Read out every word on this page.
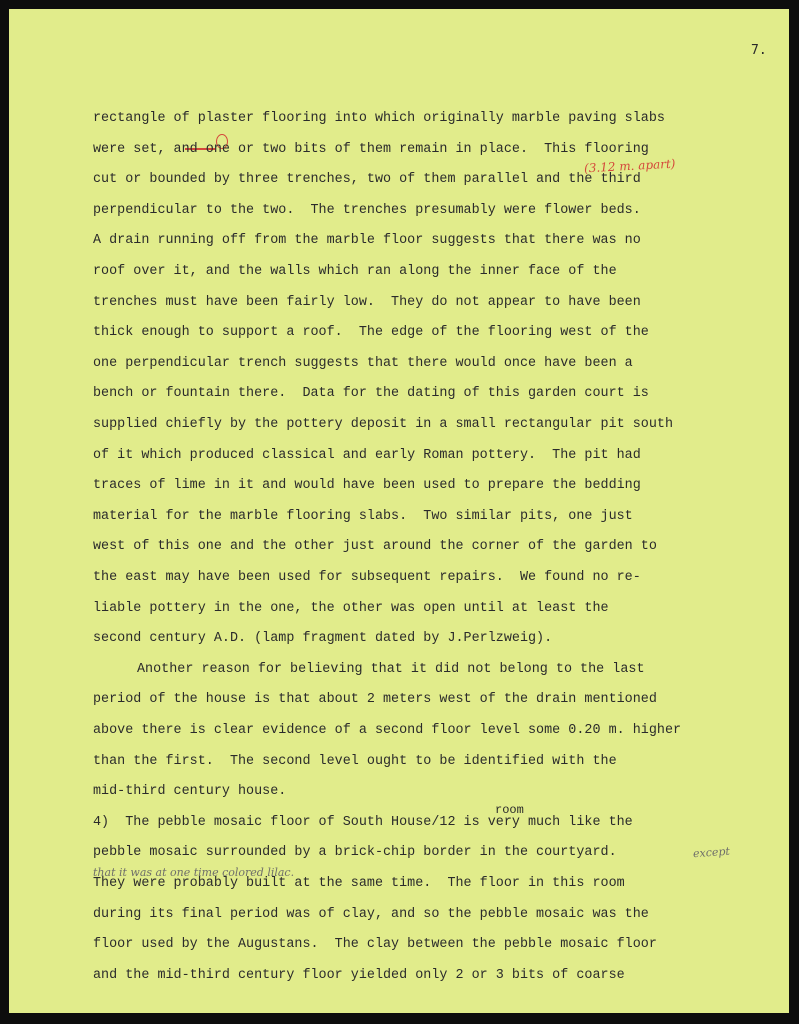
7.
(3.12 m. apart)
room
except
that it was at one time colored lilac.
rectangle of plaster flooring into which originally marble paving slabs
were set, and one or two bits of them remain in place.  This flooring
cut or bounded by three trenches, two of them parallel and the third
perpendicular to the two.  The trenches presumably were flower beds.
A drain running off from the marble floor suggests that there was no
roof over it, and the walls which ran along the inner face of the
trenches must have been fairly low.  They do not appear to have been
thick enough to support a roof.  The edge of the flooring west of the
one perpendicular trench suggests that there would once have been a
bench or fountain there.  Data for the dating of this garden court is
supplied chiefly by the pottery deposit in a small rectangular pit south
of it which produced classical and early Roman pottery.  The pit had
traces of lime in it and would have been used to prepare the bedding
material for the marble flooring slabs.  Two similar pits, one just
west of this one and the other just around the corner of the garden to
the east may have been used for subsequent repairs.  We found no re-
liable pottery in the one, the other was open until at least the
second century A.D. (lamp fragment dated by J.Perlzweig).
Another reason for believing that it did not belong to the last
period of the house is that about 2 meters west of the drain mentioned
above there is clear evidence of a second floor level some 0.20 m. higher
than the first.  The second level ought to be identified with the
mid-third century house.
4)  The pebble mosaic floor of South House/12 is very much like the
pebble mosaic surrounded by a brick-chip border in the courtyard.
They were probably built at the same time.  The floor in this room
during its final period was of clay, and so the pebble mosaic was the
floor used by the Augustans.  The clay between the pebble mosaic floor
and the mid-third century floor yielded only 2 or 3 bits of coarse
